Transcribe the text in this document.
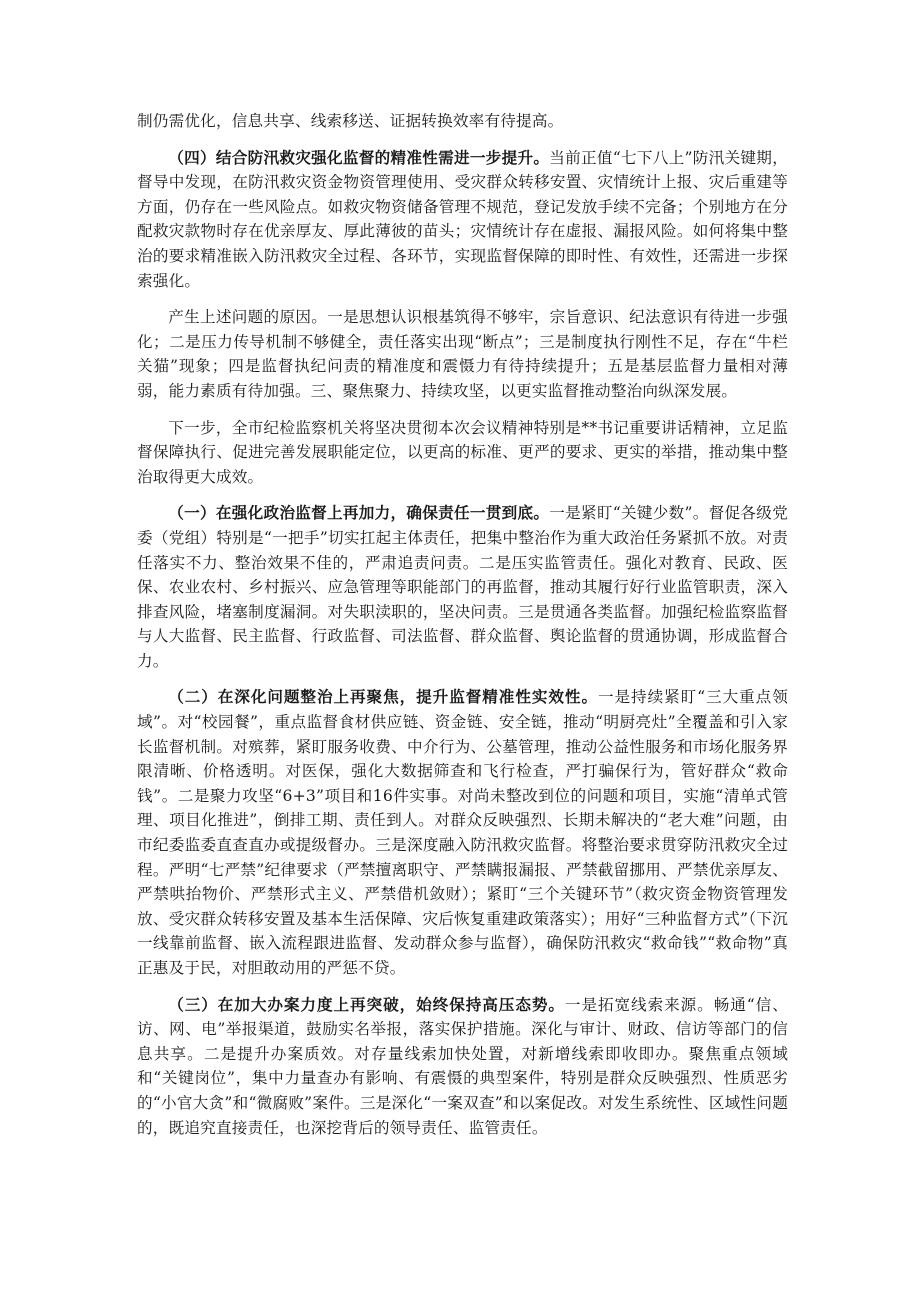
制仍需优化，信息共享、线索移送、证据转换效率有待提高。

（四）结合防汛救灾强化监督的精准性需进一步提升。当前正值“七下八上”防汛关键期，督导中发现，在防汛救灾资金物资管理使用、受灾群众转移安置、灾情统计上报、灾后重建等方面，仍存在一些风险点。如救灾物资储备管理不规范，登记发放手续不完备；个别地方在分配救灾款物时存在优亲厚友、厚此薄彼的苗头；灾情统计存在虚报、漏报风险。如何将集中整治的要求精准嵌入防汛救灾全过程、各环节，实现监督保障的即时性、有效性，还需进一步探索强化。

产生上述问题的原因。一是思想认识根基筑得不够牢，宗旨意识、纪法意识有待进一步强化；二是压力传导机制不够健全，责任落实出现“断点”；三是制度执行刚性不足，存在“牛栏关猫”现象；四是监督执纪问责的精准度和震慑力有待持续提升；五是基层监督力量相对薄弱，能力素质有待加强。三、聚焦聚力、持续攻坚，以更实监督推动整治向纵深发展。

下一步，全市纪检监察机关将坚决贯彻本次会议精神特别是**书记重要讲话精神，立足监督保障执行、促进完善发展职能定位，以更高的标准、更严的要求、更实的举措，推动集中整治取得更大成效。

（一）在强化政治监督上再加力，确保责任一贯到底。一是紧盯“关键少数”。督促各级党委（党组）特别是“一把手”切实扛起主体责任，把集中整治作为重大政治任务紧抓不放。对责任落实不力、整治效果不佳的，严肃追责问责。二是压实监管责任。强化对教育、民政、医保、农业农村、乡村振兴、应急管理等职能部门的再监督，推动其履行好行业监管职责，深入排查风险，堵塞制度漏洞。对失职渎职的，坚决问责。三是贯通各类监督。加强纪检监察监督与人大监督、民主监督、行政监督、司法监督、群众监督、舆论监督的贯通协调，形成监督合力。

（二）在深化问题整治上再聚焦，提升监督精准性实效性。一是持续紧盯“三大重点领域”。对“校园餐”，重点监督食材供应链、资金链、安全链，推动“明厨亮灶”全覆盖和引入家长监督机制。对殡葬，紧盯服务收费、中介行为、公墓管理，推动公益性服务和市场化服务界限清晰、价格透明。对医保，强化大数据筛查和飞行检查，严打骗保行为，管好群众“救命钱”。二是聚力攻坚“6+3”项目和16件实事。对尚未整改到位的问题和项目，实施“清单式管理、项目化推进”，倒排工期、责任到人。对群众反映强烈、长期未解决的“老大难”问题，由市纪委监委直查直办或提级督办。三是深度融入防汛救灾监督。将整治要求贯穿防汛救灾全过程。严明“七严禁”纪律要求（严禁擅离职守、严禁瞒报漏报、严禁截留挪用、严禁优亲厚友、严禁哄抬物价、严禁形式主义、严禁借机敛财）；紧盯“三个关键环节”（救灾资金物资管理发放、受灾群众转移安置及基本生活保障、灾后恢复重建政策落实）；用好“三种监督方式”（下沉一线靠前监督、嵌入流程跟进监督、发动群众参与监督），确保防汛救灾“救命钱”“救命物”真正惠及于民，对胆敢动用的严惩不贷。

（三）在加大办案力度上再突破，始终保持高压态势。一是拓宽线索来源。畅通“信、访、网、电”举报渠道，鼓励实名举报，落实保护措施。深化与审计、财政、信访等部门的信息共享。二是提升办案质效。对存量线索加快处置，对新增线索即收即办。聚焦重点领域和“关键岗位”，集中力量查办有影响、有震慑的典型案件，特别是群众反映强烈、性质恶劣的“小官大贪”和“微腐败”案件。三是深化“一案双查”和以案促改。对发生系统性、区域性问题的，既追究直接责任，也深挖背后的领导责任、监管责任。
